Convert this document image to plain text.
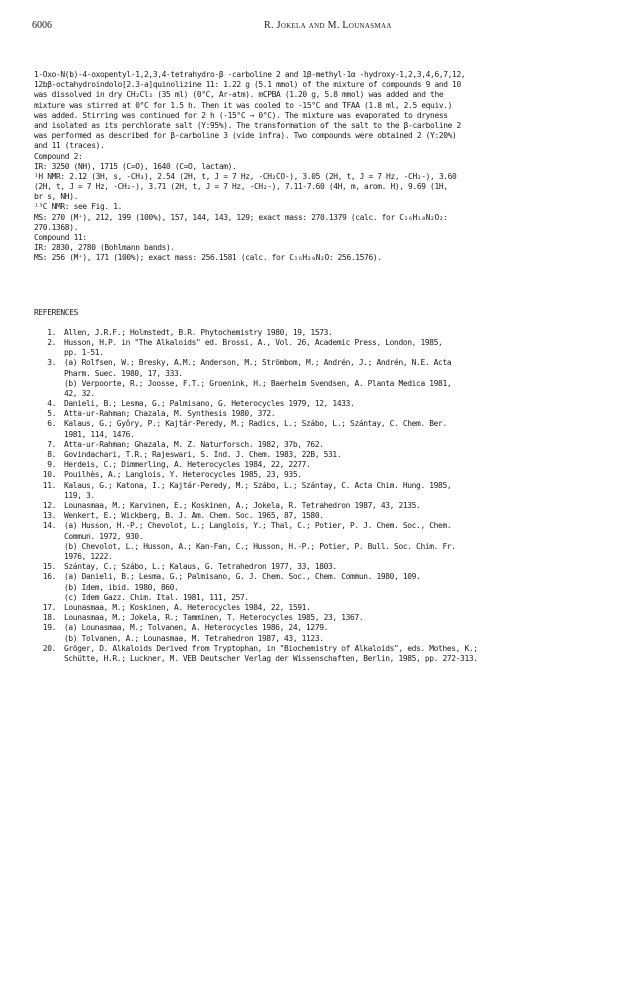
6006	R. Jokela and M. Lounasmaa
1-Oxo-N(b)-4-oxopentyl-1,2,3,4-tetrahydro-β -carboline 2 and 1β-methyl-1α -hydroxy-1,2,3,4,6,7,12,
12bβ-octahydroindolo[2.3-a]quinolizine 11: 1.22 g (5.1 mmol) of the mixture of compounds 9 and 10
was dissolved in dry CH₂Cl₂ (35 ml) (0°C, Ar-atm). mCPBA (1.20 g, 5.8 mmol) was added and the
mixture was stirred at 0°C for 1.5 h. Then it was cooled to -15°C and TFAA (1.8 ml, 2.5 equiv.)
was added. Stirring was continued for 2 h (-15°C → 0°C). The mixture was evaporated to dryness
and isolated as its perchlorate salt (Y:95%). The transformation of the salt to the β-carboline 2
was performed as described for β-carboline 3 (vide infra). Two compounds were obtained 2 (Y:20%)
and 11 (traces).
Compound 2:
IR: 3250 (NH), 1715 (C=O), 1640 (C=O, lactam).
¹H NMR: 2.12 (3H, s, -CH₃), 2.54 (2H, t, J = 7 Hz, -CH₂CO-), 3.05 (2H, t, J = 7 Hz, -CH₂-), 3.60
(2H, t, J = 7 Hz, -CH₂-), 3.71 (2H, t, J = 7 Hz, -CH₂-), 7.11-7.60 (4H, m, arom. H), 9.69 (1H,
br s, NH).
¹³C NMR: see Fig. 1.
MS: 270 (M⁺), 212, 199 (100%), 157, 144, 143, 129; exact mass: 270.1379 (calc. for C₁₆H₁₈N₂O₂:
270.1368).
Compound 11:
IR: 2830, 2780 (Bohlmann bands).
MS: 256 (M⁺), 171 (100%); exact mass: 256.1581 (calc. for C₁₆H₂₀N₂O: 256.1576).
REFERENCES
1.	Allen, J.R.F.; Holmstedt, B.R. Phytochemistry 1980, 19, 1573.
2.	Husson, H.P. in "The Alkaloids" ed. Brossi, A., Vol. 26, Academic Press, London, 1985,
pp. 1-51.
3.	(a) Rolfsen, W.; Bresky, A.M.; Anderson, M.; Strömbom, M.; Andrén, J.; Andrén, N.E. Acta
Pharm. Suec. 1980, 17, 333.
(b) Verpoorte, R.; Joosse, F.T.; Groenink, H.; Baerheim Svendsen, A. Planta Medica 1981,
42, 32.
4.	Danieli, B.; Lesma, G.; Palmisano, G. Heterocycles 1979, 12, 1433.
5.	Atta-ur-Rahman; Chazala, M. Synthesis 1980, 372.
6.	Kalaus, G.; Győry, P.; Kajtár-Peredy, M.; Radics, L.; Szábo, L.; Szántay, C. Chem. Ber.
1981, 114, 1476.
7.	Atta-ur-Rahman; Ghazala, M. Z. Naturforsch. 1982, 37b, 762.
8.	Govindachari, T.R.; Rajeswari, S. Ind. J. Chem. 1983, 22B, 531.
9.	Herdeis, C.; Dimmerling, A. Heterocycles 1984, 22, 2277.
10.	Pouilhès, A.; Langlois, Y. Heterocycles 1985, 23, 935.
11.	Kalaus, G.; Katona, I.; Kajtár-Peredy, M.; Szábo, L.; Szántay, C. Acta Chim. Hung. 1985,
119, 3.
12.	Lounasmaa, M.; Karvinen, E.; Koskinen, A.; Jokela, R. Tetrahedron 1987, 43, 2135.
13.	Wenkert, E.; Wickberg, B. J. Am. Chem. Soc. 1965, 87, 1580.
14.	(a) Husson, H.-P.; Chevolot, L.; Langlois, Y.; Thal, C.; Potier, P. J. Chem. Soc., Chem.
Commun. 1972, 930.
(b) Chevolot, L.; Husson, A.; Kan-Fan, C.; Husson, H.-P.; Potier, P. Bull. Soc. Chim. Fr.
1976, 1222.
15.	Szántay, C.; Szábo, L.; Kalaus, G. Tetrahedron 1977, 33, 1803.
16.	(a) Danieli, B.; Lesma, G.; Palmisano, G. J. Chem. Soc., Chem. Commun. 1980, 109.
(b) Idem, ibid. 1980, 860.
(c) Idem Gazz. Chim. Ital. 1981, 111, 257.
17.	Lounasmaa, M.; Koskinen, A. Heterocycles 1984, 22, 1591.
18.	Lounasmaa, M.; Jokela, R.; Tamminen, T. Heterocycles 1985, 23, 1367.
19.	(a) Lounasmaa, M.; Tolvanen, A. Heterocycles 1986, 24, 1279.
(b) Tolvanen, A.; Lounasmaa, M. Tetrahedron 1987, 43, 1123.
20.	Gröger, D. Alkaloids Derived from Tryptophan, in "Biochemistry of Alkaloids", eds. Mothes, K.;
Schütte, H.R.; Luckner, M. VEB Deutscher Verlag der Wissenschaften, Berlin, 1985, pp. 272-313.
